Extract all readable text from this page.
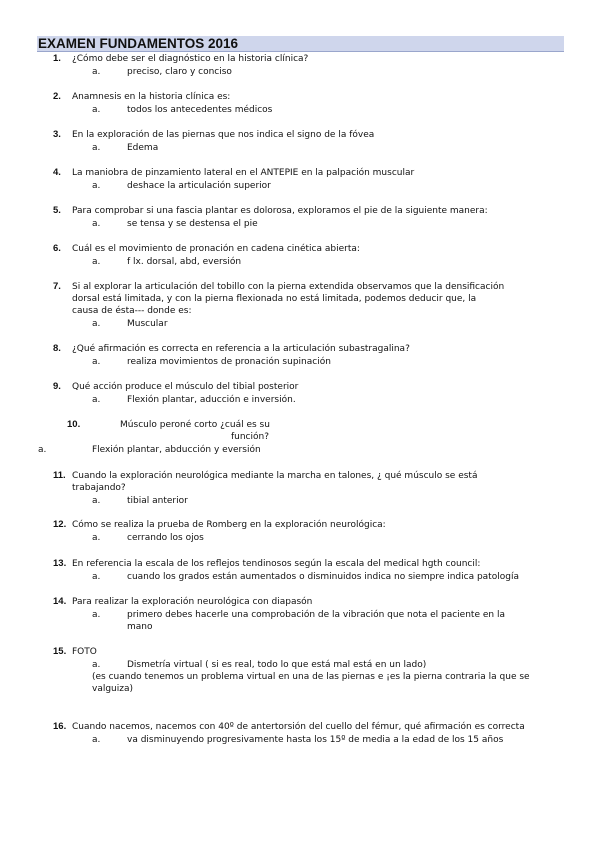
EXAMEN FUNDAMENTOS 2016
1. ¿Cómo debe ser el diagnóstico en la historia clínica?
a.	preciso, claro y conciso
2. Anamnesis en la historia clínica es:
a.	todos los antecedentes médicos
3. En la exploración de las piernas que nos indica el signo de la fóvea
a.	Edema
4. La maniobra de pinzamiento lateral en el ANTEPIE en la palpación muscular
a.	deshace la articulación superior
5. Para comprobar si una fascia plantar es dolorosa, exploramos el pie de la siguiente manera:
a.	se tensa y se destensa el pie
6. Cuál es el movimiento de pronación en cadena cinética abierta:
a.	f lx. dorsal, abd, eversión
7. Si al explorar la articulación del tobillo con la pierna extendida observamos que la densificación
dorsal está limitada, y con la pierna flexionada no está limitada, podemos deducir que, la
causa de ésta--- donde es:
a.	Muscular
8. ¿Qué afirmación es correcta en referencia a la articulación subastragalina?
a.	realiza movimientos de pronación supinación
9. Qué acción produce el músculo del tibial posterior
a.	Flexión plantar, aducción e inversión.
10.	Músculo peroné corto ¿cuál es su
función?
a.	Flexión plantar, abducción y eversión
11. Cuando la exploración neurológica mediante la marcha en talones, ¿ qué músculo se está
trabajando?
a.	tibial anterior
12. Cómo se realiza la prueba de Romberg en la exploración neurológica:
a.	cerrando los ojos
13. En referencia la escala de los reflejos tendinosos según la escala del medical hgth council:
a.	cuando los grados están aumentados o disminuidos indica no siempre indica patología
14. Para realizar la exploración neurológica con diapasón
a.	primero debes hacerle una comprobación de la vibración que nota el paciente en la
mano
15. FOTO
a.	Dismetría virtual ( si es real, todo lo que está mal está en un lado)
(es cuando tenemos un problema virtual en una de las piernas e ¡es la pierna contraria la que se
valguiza)
16. Cuando nacemos, nacemos con 40º de antertorsión del cuello del fémur, qué afirmación es correcta
a.	va disminuyendo progresivamente hasta los 15º de media a la edad de los 15 años
